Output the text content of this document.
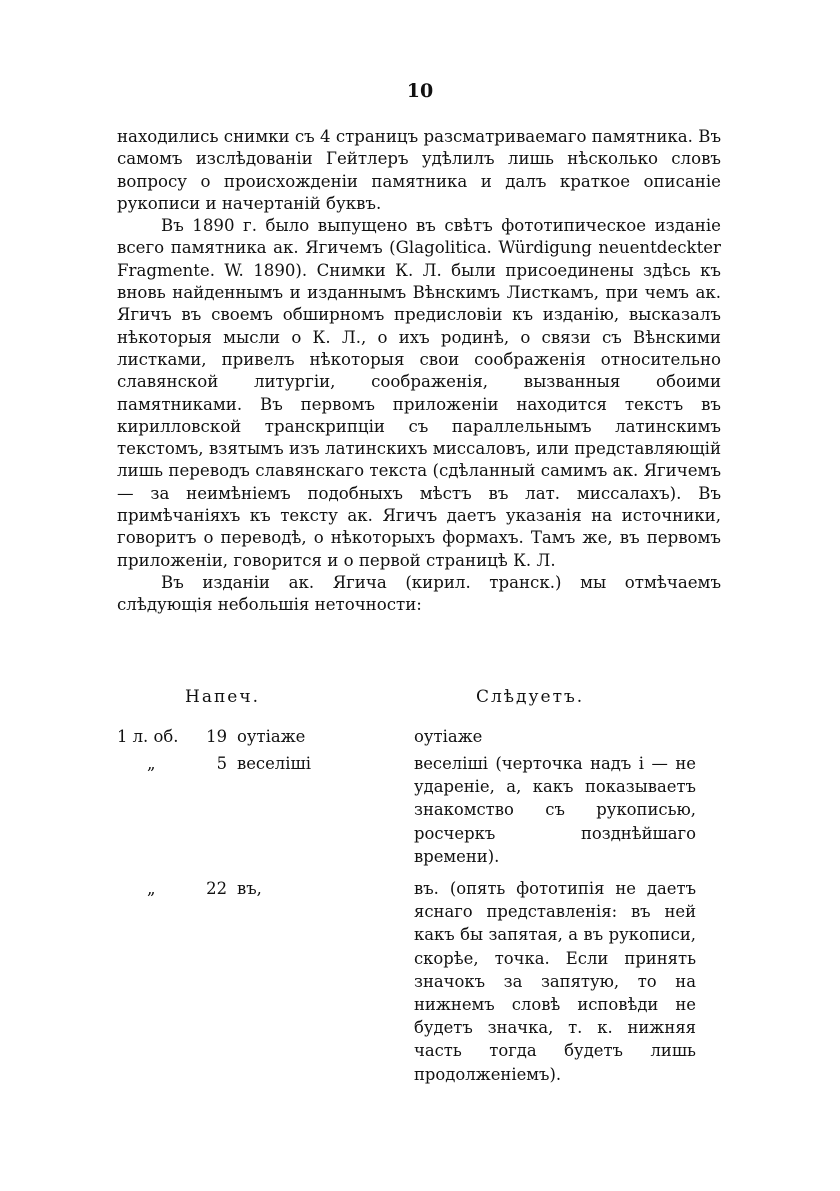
10

находились снимки съ 4 страницъ разсматриваемаго памятника. Въ самомъ изслѣдованіи Гейтлеръ удѣлилъ лишь нѣсколько словъ вопросу о происхожденіи памятника и далъ краткое описаніе рукописи и начертаній буквъ.

Въ 1890 г. было выпущено въ свѣтъ фототипическое изданіе всего памятника ак. Ягичемъ (Glagolitica. Würdigung neuentdeckter Fragmente. W. 1890). Снимки К. Л. были присоединены здѣсь къ вновь найденнымъ и изданнымъ Вѣнскимъ Листкамъ, при чемъ ак. Ягичъ въ своемъ обширномъ предисловіи къ изданію, высказалъ нѣкоторыя мысли о К. Л., о ихъ родинѣ, о связи съ Вѣнскими листками, привелъ нѣкоторыя свои соображенія относительно славянской литургіи, соображенія, вызванныя обоими памятниками. Въ первомъ приложеніи находится текстъ въ кирилловской транскрипціи съ параллельнымъ латинскимъ текстомъ, взятымъ изъ латинскихъ миссаловъ, или представляющій лишь переводъ славянскаго текста (сдѣланный самимъ ак. Ягичемъ — за неимѣніемъ подобныхъ мѣстъ въ лат. миссалахъ). Въ примѣчаніяхъ къ тексту ак. Ягичъ даетъ указанія на источники, говоритъ о переводѣ, о нѣкоторыхъ формахъ. Тамъ же, въ первомъ приложеніи, говорится и о первой страницѣ К. Л.

Въ изданіи ак. Ягича (кирил. транск.) мы отмѣчаемъ слѣдующія небольшія неточности:

Напеч.	Слѣдуетъ.
1 л. об. 19 оутіаже	оутіаже
„	5 веселіші	веселіші (черточка надъ і — не удареніе, а, какъ показываетъ знакомство съ рукописью, росчеркъ позднѣйшаго времени).
„	22 въ,	въ. (опять фототипія не даетъ яснаго представленія: въ ней какъ бы запятая, а въ рукописи, скорѣе, точка. Если принять значокъ за запятую, то на нижнемъ словѣ исповѣди не будетъ значка, т. к. нижняя часть тогда будетъ лишь продолженіемъ).
